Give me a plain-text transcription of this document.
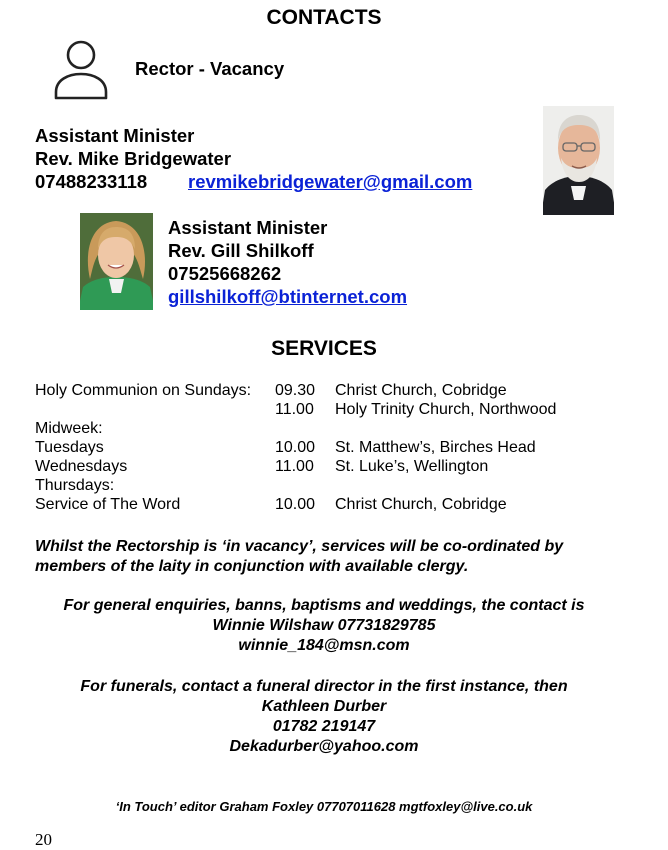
CONTACTS
Rector - Vacancy
Assistant Minister
Rev. Mike Bridgewater
07488233118 revmikebridgewater@gmail.com
Assistant Minister
Rev. Gill Shilkoff
07525668262
gillshilkoff@btinternet.com
SERVICES
Holy Communion on Sundays:	09.30	Christ Church, Cobridge
11.00	Holy Trinity Church, Northwood
Midweek:
Tuesdays	10.00	St. Matthew’s, Birches Head
Wednesdays	11.00	St. Luke’s, Wellington
Thursdays:
Service of The Word	10.00	Christ Church, Cobridge
Whilst the Rectorship is ‘in vacancy’, services will be co-ordinated by
members of the laity in conjunction with available clergy.
For general enquiries, banns, baptisms and weddings, the contact is
Winnie Wilshaw 07731829785
winnie_184@msn.com
For funerals, contact a funeral director in the first instance, then
Kathleen Durber
01782 219147
Dekadurber@yahoo.com
‘In Touch’ editor Graham Foxley 07707011628 mgtfoxley@live.co.uk
20
